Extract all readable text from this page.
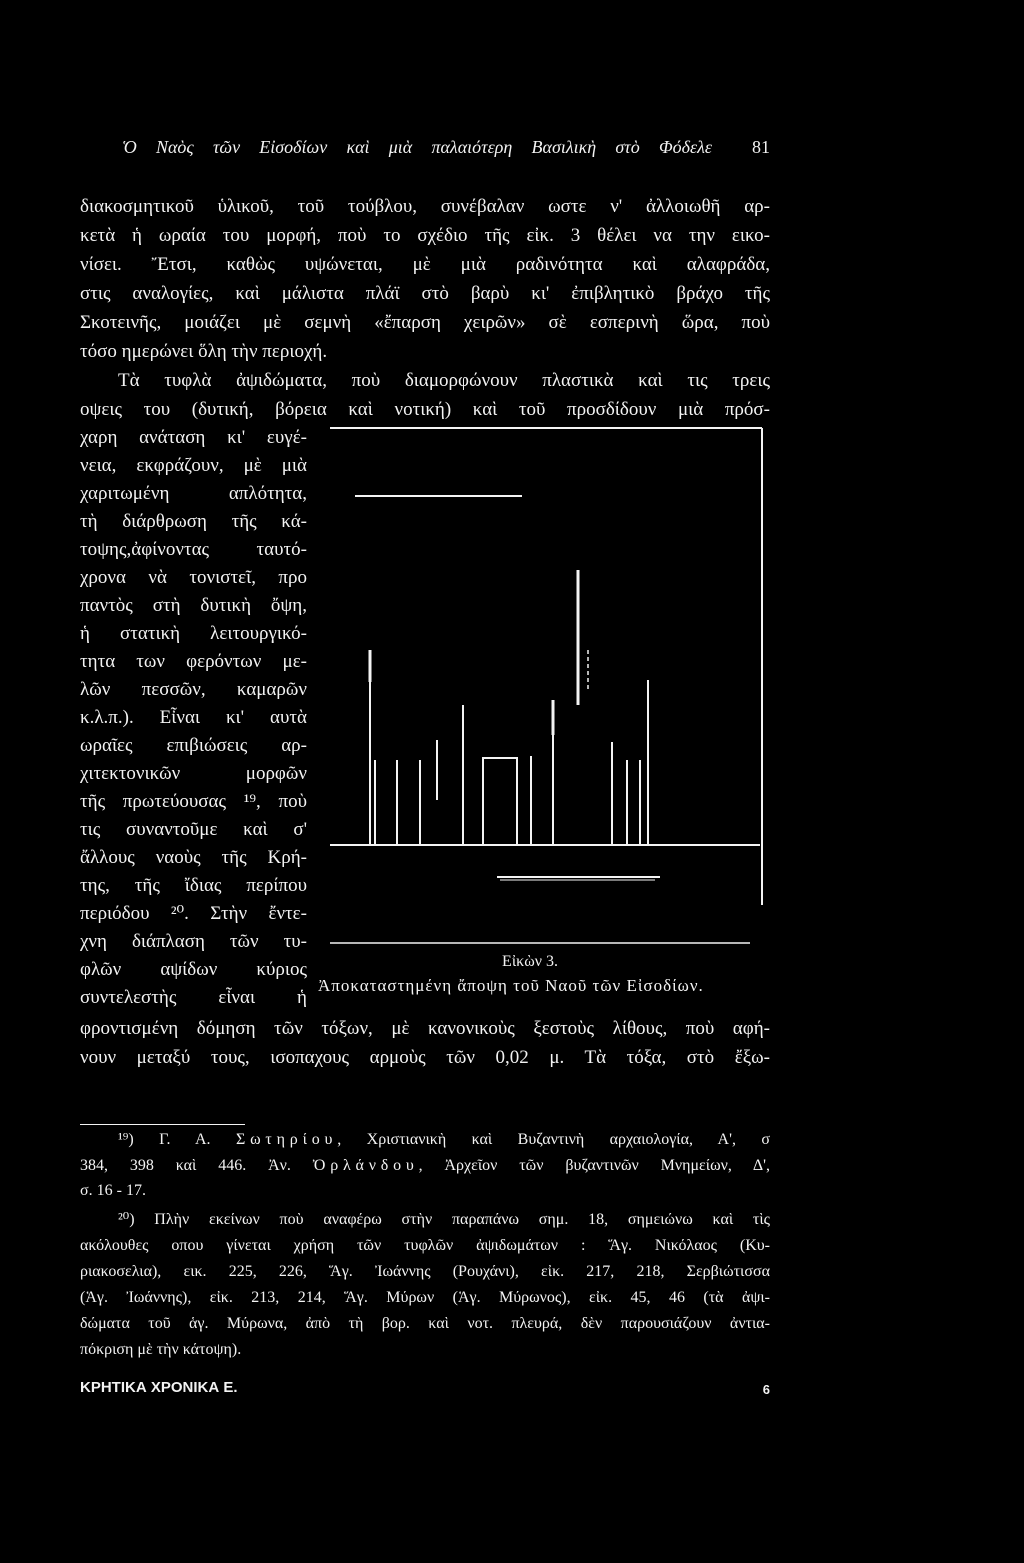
Ὁ Ναὸς τῶν Εἰσοδίων καὶ μιὰ παλαιότερη Βασιλικὴ στὸ Φόδελε	81
διακοσμητικοῦ ὑλικοῦ, τοῦ τούβλου, συνέβαλαν ωστε ν' ἀλλοιωθῆ αρ-
κετὰ ἡ ωραία του μορφή, ποὺ το σχέδιο τῆς εἰκ. 3 θέλει να την εικο-
νίσει. Ἔτσι, καθὼς υψώνεται, μὲ μιὰ ραδινότητα καὶ αλαφράδα,
στις αναλογίες, καὶ μάλιστα πλάϊ στὸ βαρὺ κι' ἐπιβλητικὸ βράχο τῆς
Σκοτεινῆς, μοιάζει μὲ σεμνὴ «ἔπαρση χειρῶν» σὲ εσπερινὴ ὥρα, ποὺ
τόσο ημερώνει ὅλη τὴν περιοχή.
Τὰ τυφλὰ ἀψιδώματα, ποὺ διαμορφώνουν πλαστικὰ καὶ τις τρεις
οψεις του (δυτική, βόρεια καὶ νοτική) καὶ τοῦ προσδίδουν μιὰ πρόσ-
χαρη ανάταση κι' ευγέ-
νεια, εκφράζουν, μὲ μιὰ
χαριτωμένη απλότητα,
τὴ διάρθρωση τῆς κά-
τοψης,ἀφίνοντας ταυτό-
χρονα νὰ τονιστεῖ, προ
παντὸς στὴ δυτικὴ ὄψη,
ἡ στατικὴ λειτουργικό-
τητα των φερόντων με-
λῶν πεσσῶν, καμαρῶν
κ.λ.π.). Εἶναι κι' αυτὰ
ωραῖες επιβιώσεις αρ-
χιτεκτονικῶν μορφῶν
τῆς πρωτεύουσας ¹⁹, ποὺ
τις συναντοῦμε καὶ σ'
ἄλλους ναοὺς τῆς Κρή-
της, τῆς ἴδιας περίπου
περιόδου ²⁰. Στὴν ἔντε-
χνη διάπλαση τῶν τυ-
φλῶν αψίδων κύριος
συντελεστὴς εἶναι ἡ
Εἰκὼν 3.
Ἀποκαταστημένη ἄποψη τοῦ Ναοῦ τῶν Εἰσοδίων.
φροντισμένη δόμηση τῶν τόξων, μὲ κανονικοὺς ξεστοὺς λίθους, ποὺ αφή-
νουν μεταξύ τους, ισοπαχους αρμοὺς τῶν 0,02 μ. Τὰ τόξα, στὸ ἔξω-
¹⁹) Γ. Α. Σωτηρίου, Χριστιανικὴ καὶ Βυζαντινὴ αρχαιολογία, Α', σ
384, 398 καὶ 446. Ἀν. Ὀρλάνδου, Ἀρχεῖον τῶν βυζαντινῶν Μνημείων, Δ',
σ. 16 - 17.
²⁰) Πλὴν εκείνων ποὺ αναφέρω στὴν παραπάνω σημ. 18, σημειώνω καὶ τὶς
ακόλουθες οπου γίνεται χρήση τῶν τυφλῶν ἀψιδωμάτων : Ἅγ. Νικόλαος (Κυ-
ριακοσελια), εικ. 225, 226, Ἅγ. Ἰωάννης (Ρουχάνι), εἰκ. 217, 218, Σερβιώτισσα
(Ἁγ. Ἰωάννης), εἰκ. 213, 214, Ἅγ. Μύρων (Ἁγ. Μύρωνος), εἰκ. 45, 46 (τὰ ἀψι-
δώματα τοῦ ἁγ. Μύρωνα, ἀπὸ τὴ βορ. καὶ νοτ. πλευρά, δὲν παρουσιάζουν ἀντια-
πόκριση μὲ τὴν κάτοψη).
ΚΡΗΤΙΚΑ ΧΡΟΝΙΚΑ Ε.	6
